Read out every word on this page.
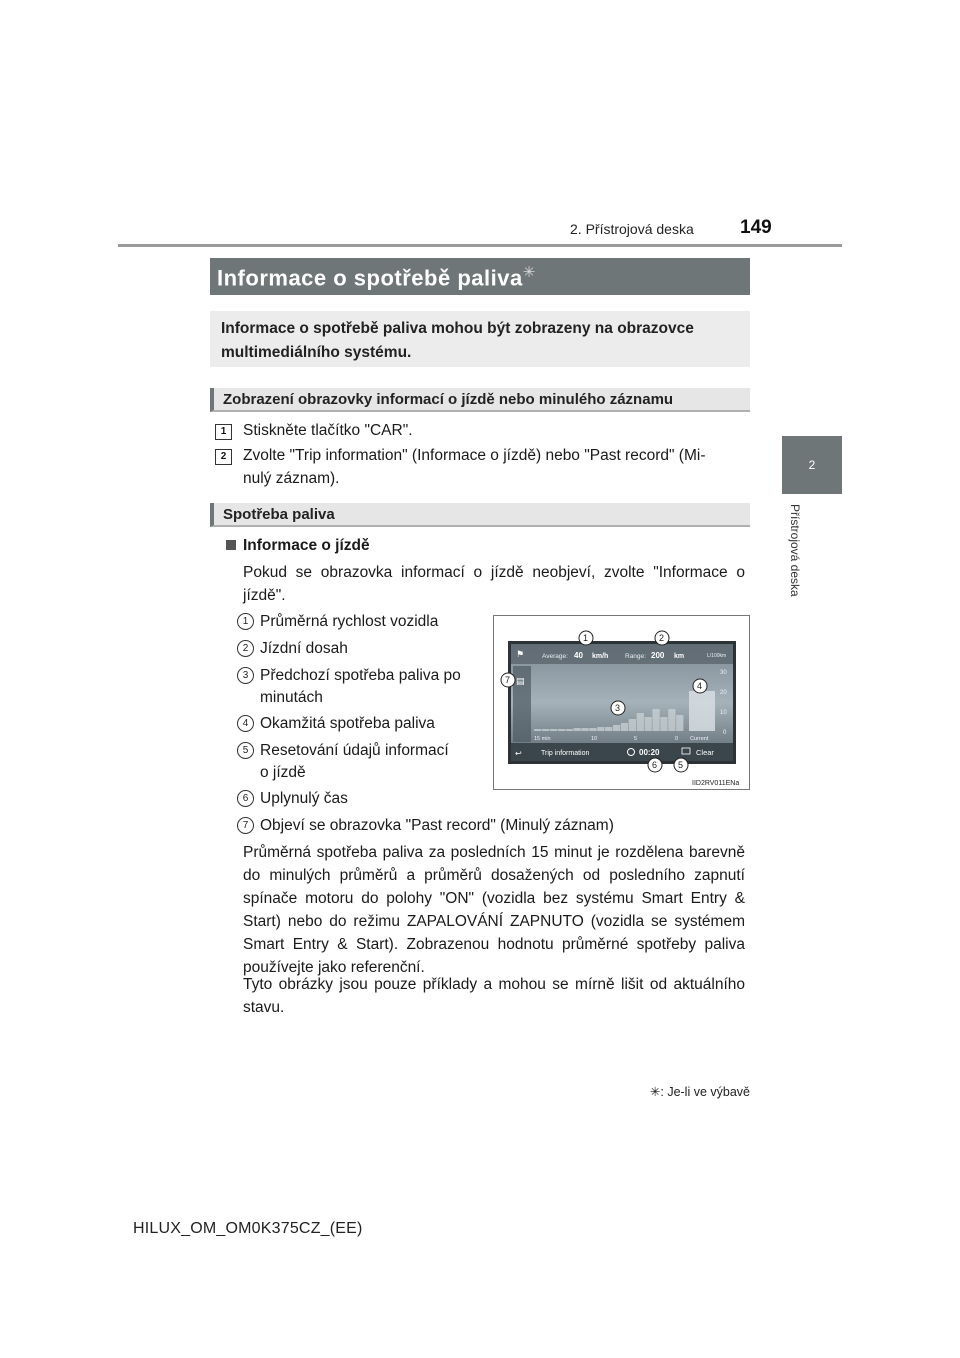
2. Přístrojová deska 149
2
Přístrojová deska
Informace o spotřebě paliva✳

Informace o spotřebě paliva mohou být zobrazeny na obrazovce multimediálního systému.

Zobrazení obrazovky informací o jízdě nebo minulého záznamu
1	Stiskněte tlačítko "CAR".
2	Zvolte "Trip information" (Informace o jízdě) nebo "Past record" (Mi-
nulý záznam).
Spotřeba paliva
Informace o jízdě
Pokud se obrazovka informací o jízdě neobjeví, zvolte "Informace o jízdě".
1 Průměrná rychlost vozidla
2 Jízdní dosah
3 Předchozí spotřeba paliva po
minutách
4 Okamžitá spotřeba paliva
5 Resetování údajů informací
o jízdě
6 Uplynulý čas
7 Objeví se obrazovka "Past record" (Minulý záznam)
Průměrná spotřeba paliva za posledních 15 minut je rozdělena barevně do minulých průměrů a průměrů dosažených od posledního zapnutí spínače motoru do polohy "ON" (vozidla bez systému Smart Entry & Start) nebo do režimu ZAPALOVÁNÍ ZAPNUTO (vozidla se systémem Smart Entry & Start). Zobrazenou hodnotu průměrné spotřeby paliva používejte jako referenční.
Tyto obrázky jsou pouze příklady a mohou se mírně lišit od aktuálního stavu.
⚑	Average: 40 km/h	Range: 200 km	L/100km
▤
30
20
10
0
15 min	10	5	0 Current
↩	Trip information	00:20	Clear
1	2
3
4
5
6
7
IID2RV011ENa
✳: Je-li ve výbavě
HILUX_OM_OM0K375CZ_(EE)
